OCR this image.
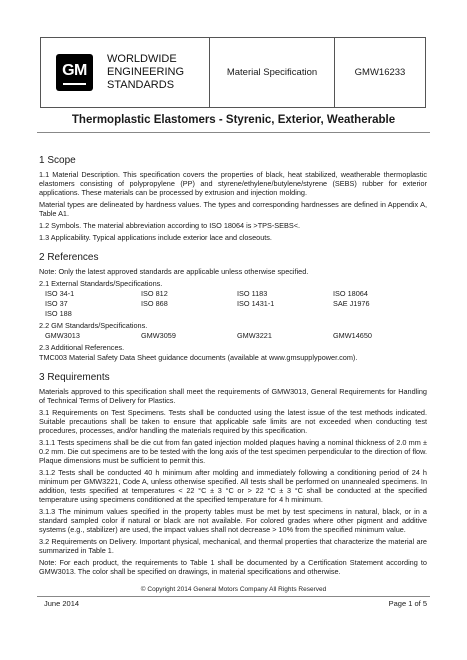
GM
WORLDWIDE
ENGINEERING
STANDARDS
Material Specification	GMW16233
Thermoplastic Elastomers - Styrenic, Exterior, Weatherable
1 Scope
1.1 Material Description. This specification covers the properties of black, heat stabilized, weatherable thermoplastic elastomers consisting of polypropylene (PP) and styrene/ethylene/butylene/styrene (SEBS) rubber for exterior applications. These materials can be processed by extrusion and injection molding.
Material types are delineated by hardness values. The types and corresponding hardnesses are defined in Appendix A, Table A1.
1.2 Symbols. The material abbreviation according to ISO 18064 is >TPS-SEBS<.
1.3 Applicability. Typical applications include exterior lace and closeouts.
2 References
Note: Only the latest approved standards are applicable unless otherwise specified.
2.1 External Standards/Specifications.
ISO 34-1	ISO 812	ISO 1183	ISO 18064
ISO 37	ISO 868	ISO 1431-1	SAE J1976
ISO 188
2.2 GM Standards/Specifications.
GMW3013	GMW3059	GMW3221	GMW14650
2.3 Additional References.
TMC003 Material Safety Data Sheet guidance documents (available at www.gmsupplypower.com).
3 Requirements
Materials approved to this specification shall meet the requirements of GMW3013, General Requirements for Handling of Technical Terms of Delivery for Plastics.
3.1 Requirements on Test Specimens. Tests shall be conducted using the latest issue of the test methods indicated. Suitable precautions shall be taken to ensure that applicable safe limits are not exceeded when conducting test procedures, processes, and/or handling the materials required by this specification.
3.1.1 Tests specimens shall be die cut from fan gated injection molded plaques having a nominal thickness of 2.0 mm ± 0.2 mm. Die cut specimens are to be tested with the long axis of the test specimen perpendicular to the direction of flow. Plaque dimensions must be sufficient to permit this.
3.1.2 Tests shall be conducted 40 h minimum after molding and immediately following a conditioning period of 24 h minimum per GMW3221, Code A, unless otherwise specified. All tests shall be performed on unannealed specimens. In addition, tests specified at temperatures < 22 °C ± 3 °C or > 22 °C ± 3 °C shall be conducted at the specified temperature using specimens conditioned at the specified temperature for 4 h minimum.
3.1.3 The minimum values specified in the property tables must be met by test specimens in natural, black, or in a standard sampled color if natural or black are not available. For colored grades where other pigment and additive systems (e.g., stabilizer) are used, the impact values shall not decrease > 10% from the specified minimum value.
3.2 Requirements on Delivery. Important physical, mechanical, and thermal properties that characterize the material are summarized in Table 1.
Note: For each product, the requirements to Table 1 shall be documented by a Certification Statement according to GMW3013. The color shall be specified on drawings, in material specifications and otherwise.
© Copyright 2014 General Motors Company All Rights Reserved
June 2014	Page 1 of 5
